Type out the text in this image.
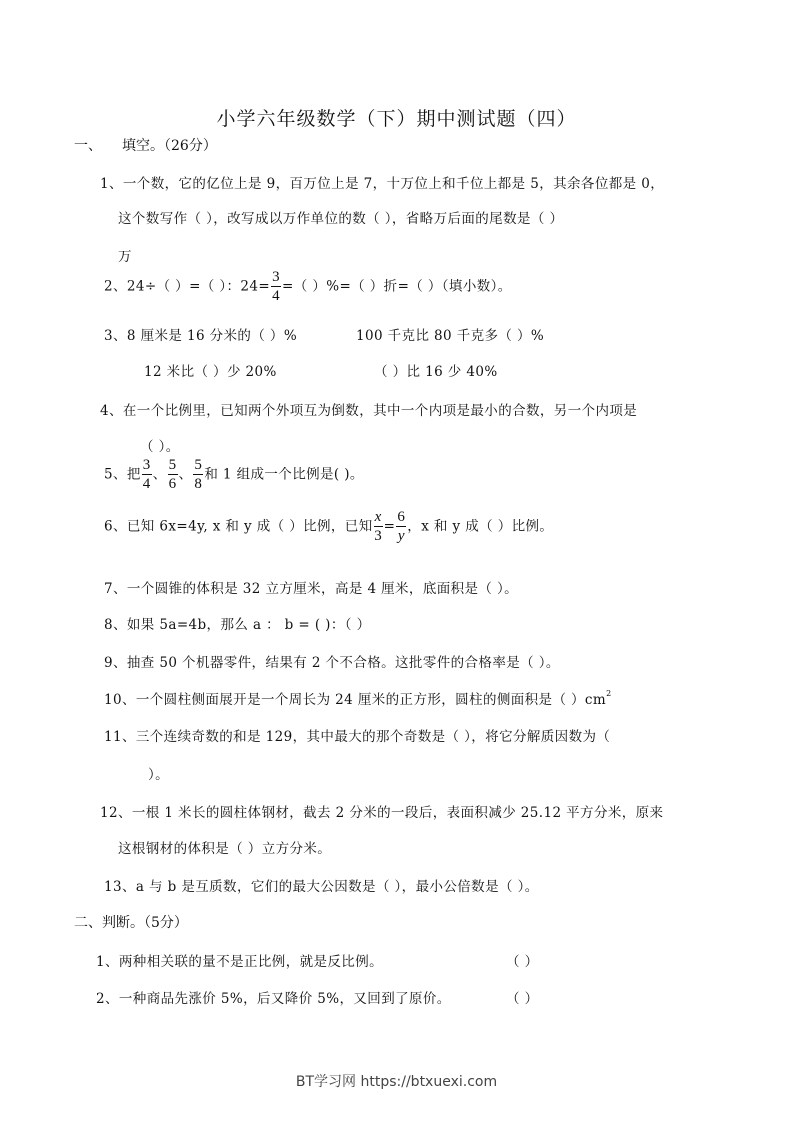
小学六年级数学（下）期中测试题（四）
一、 填空。（26分）
1、一个数，它的亿位上是 9，百万位上是 7，十万位上和千位上都是 5，其余各位都是 0，
这个数写作（ ），改写成以万作单位的数（ ），省略万后面的尾数是（ ）
万
2、24÷（ ）=（ ）：$24= \frac{3}{4}$ =（ ）%=（ ）折=（ ）（填小数）。
3、8 厘米是 16 分米的（ ）%	100 千克比 80 千克多（ ）%
12 米比（ ）少 20%	（ ）比 16 少 40%
4、在一个比例里，已知两个外项互为倒数，其中一个内项是最小的合数，另一个内项是
（ ）。
5、把 $\frac{3}{4}$ 、 $\frac{5}{6}$ 、 $\frac{5}{8}$ 和 1 组成一个比例是( )。
6、已知 6x=4y, x 和 y 成（ ）比例，已知 $\frac{x}{3} = \frac{6}{y}$ ，x 和 y 成（ ）比例。
7、一个圆锥的体积是 32 立方厘米，高是 4 厘米，底面积是（ ）。
8、如果 5a=4b，那么 a ： b = ( )：（ ）
9、抽查 50 个机器零件，结果有 2 个不合格。这批零件的合格率是（ ）。
10、一个圆柱侧面展开是一个周长为 24 厘米的正方形，圆柱的侧面积是（ ）$cm^2$
11、三个连续奇数的和是 129，其中最大的那个奇数是（ ），将它分解质因数为（
）。
12、一根 1 米长的圆柱体钢材，截去 2 分米的一段后，表面积减少 25.12 平方分米，原来
这根钢材的体积是（ ）立方分米。
13、a 与 b 是互质数，它们的最大公因数是（ ），最小公倍数是（ ）。
二、判断。（5分）
1、两种相关联的量不是正比例，就是反比例。	（ ）
2、一种商品先涨价 5%，后又降价 5%，又回到了原价。	（ ）
BT学习网 https://btxuexi.com
